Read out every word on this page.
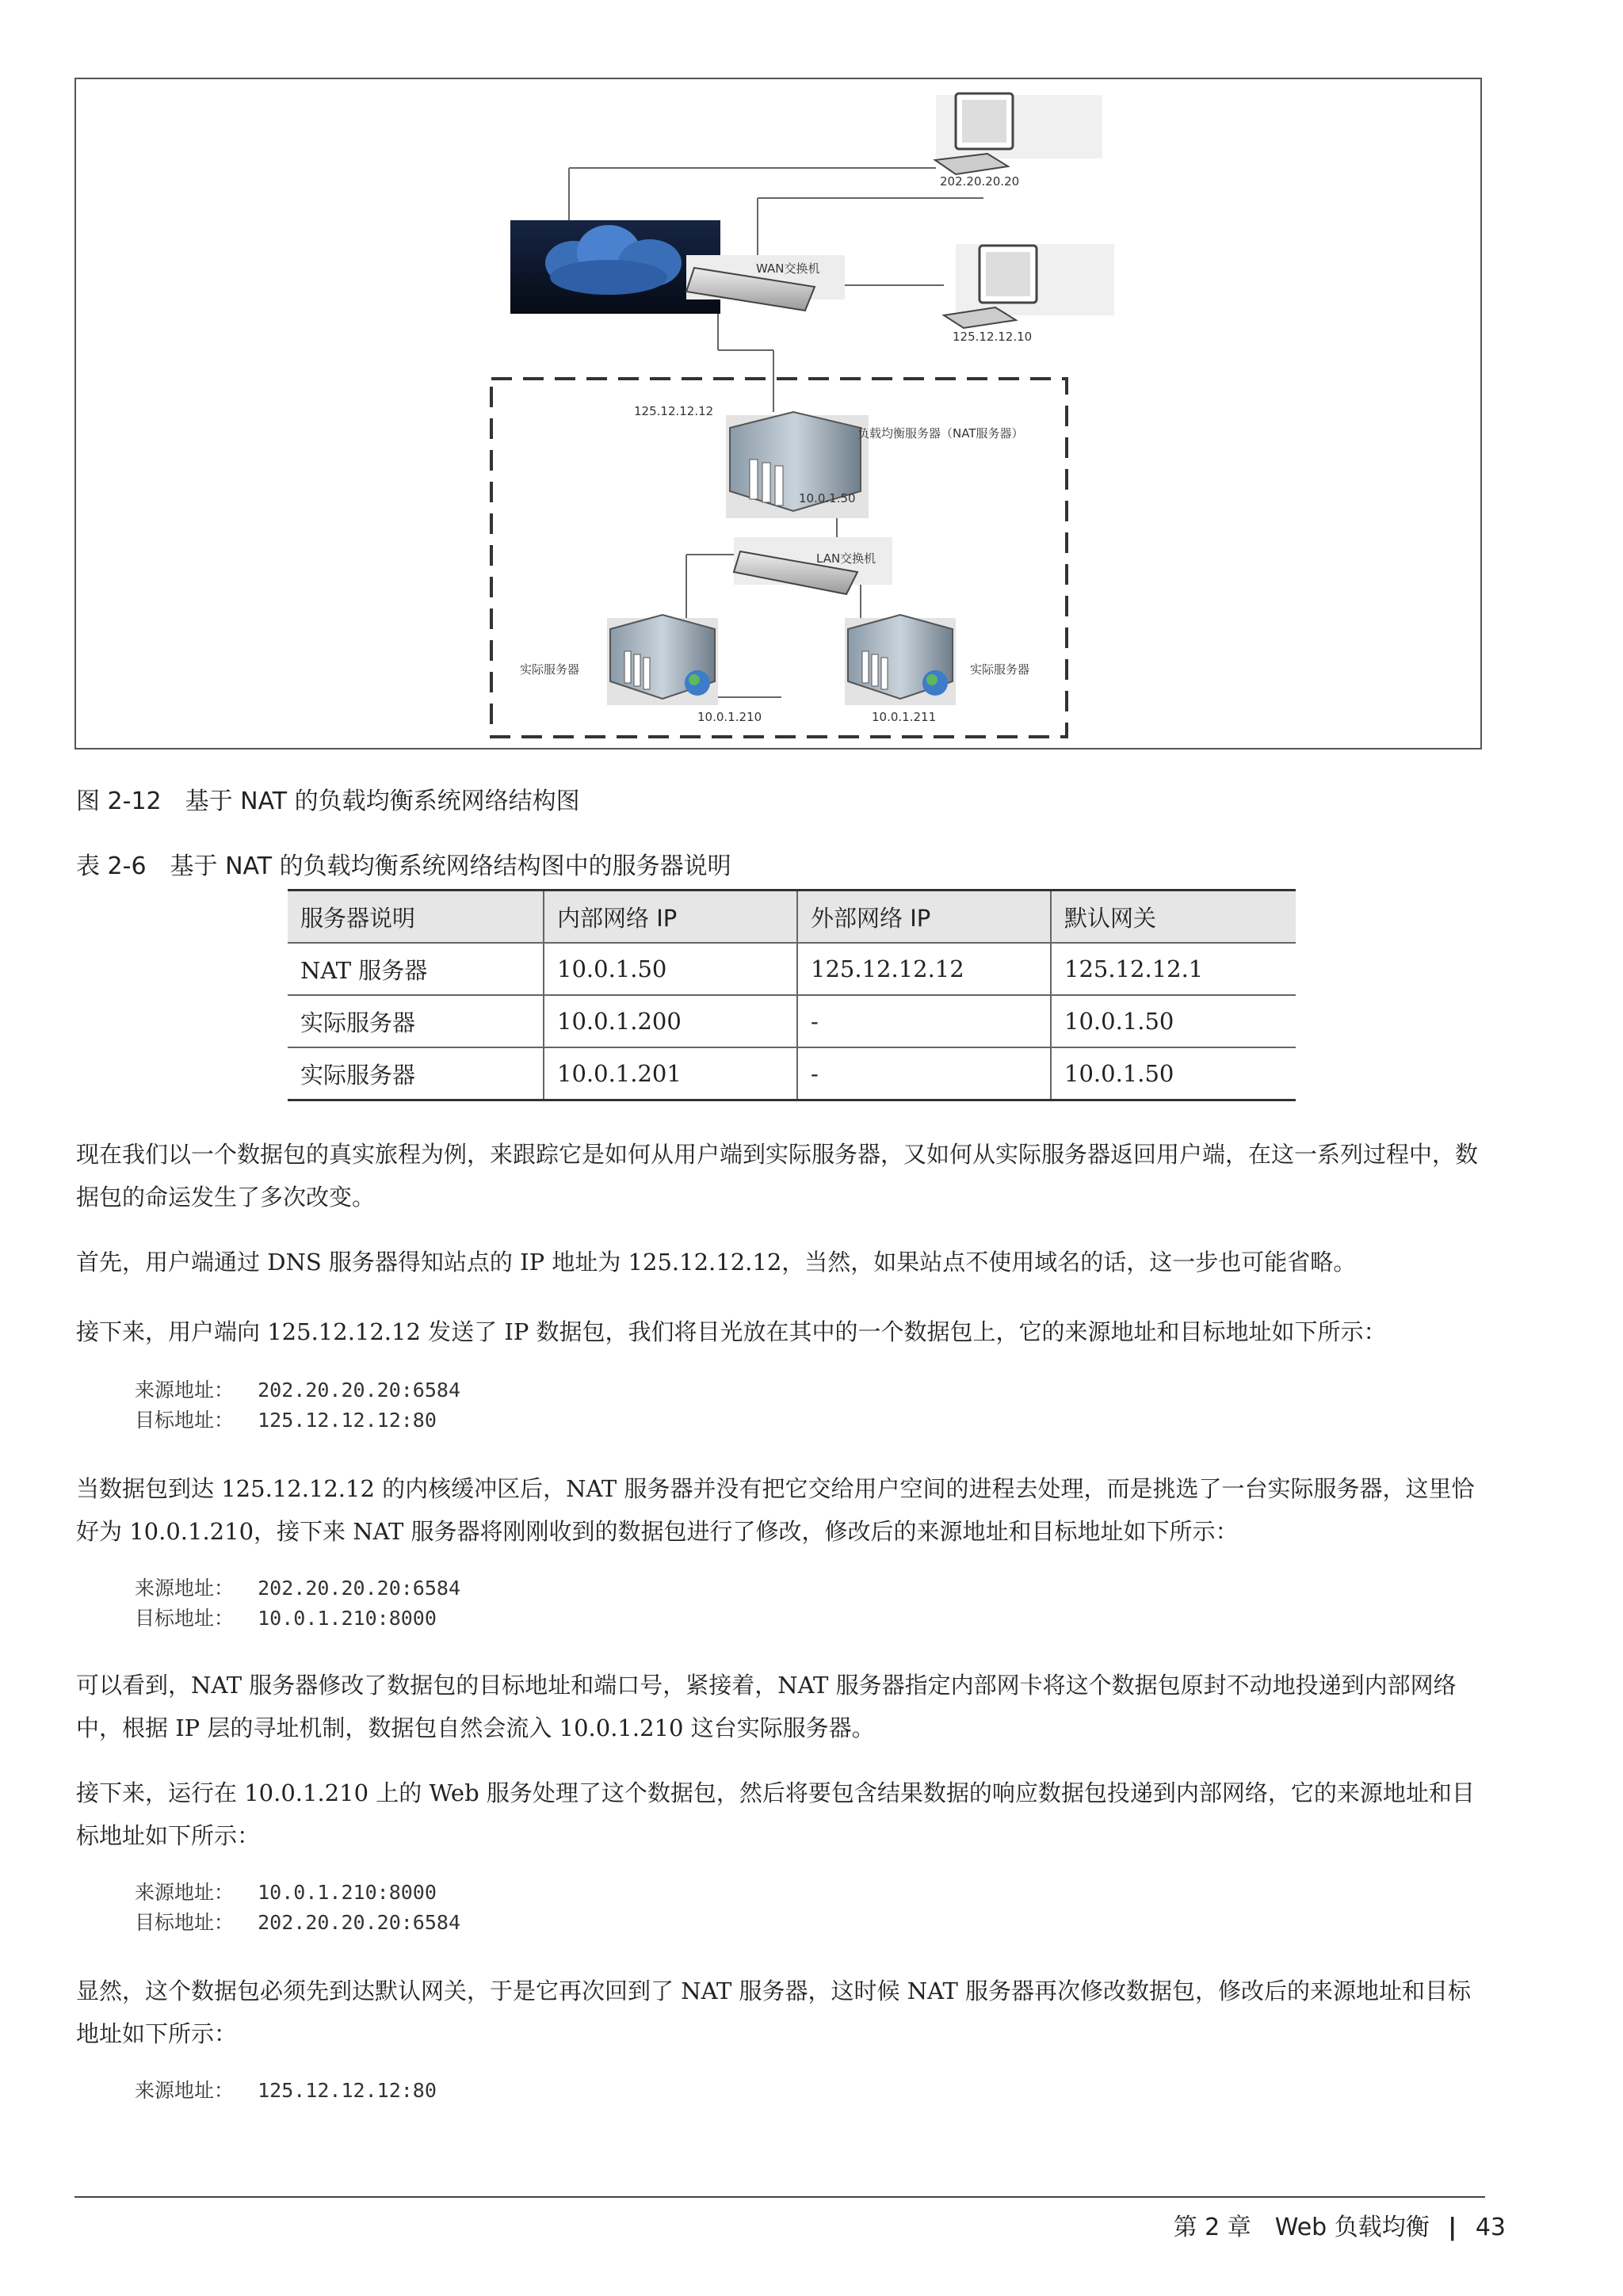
202.20.20.20
WAN交换机
125.12.12.10
125.12.12.12
负载均衡服务器（NAT服务器）
10.0.1.50
LAN交换机
实际服务器
10.0.1.210
实际服务器
10.0.1.211
图 2-12　基于 NAT 的负载均衡系统网络结构图
表 2-6　基于 NAT 的负载均衡系统网络结构图中的服务器说明
服务器说明	内部网络 IP	外部网络 IP	默认网关
NAT 服务器	10.0.1.50	125.12.12.12	125.12.12.1
实际服务器	10.0.1.200	-	10.0.1.50
实际服务器	10.0.1.201	-	10.0.1.50
现在我们以一个数据包的真实旅程为例，来跟踪它是如何从用户端到实际服务器，又如何从实际服务器返回用户端，在这一系列过程中，数据包的命运发生了多次改变。
首先，用户端通过 DNS 服务器得知站点的 IP 地址为 125.12.12.12，当然，如果站点不使用域名的话，这一步也可能省略。
接下来，用户端向 125.12.12.12 发送了 IP 数据包，我们将目光放在其中的一个数据包上，它的来源地址和目标地址如下所示：
来源地址： 202.20.20.20:6584
目标地址： 125.12.12.12:80
当数据包到达 125.12.12.12 的内核缓冲区后，NAT 服务器并没有把它交给用户空间的进程去处理，而是挑选了一台实际服务器，这里恰好为 10.0.1.210，接下来 NAT 服务器将刚刚收到的数据包进行了修改，修改后的来源地址和目标地址如下所示：
来源地址： 202.20.20.20:6584
目标地址： 10.0.1.210:8000
可以看到，NAT 服务器修改了数据包的目标地址和端口号，紧接着，NAT 服务器指定内部网卡将这个数据包原封不动地投递到内部网络中，根据 IP 层的寻址机制，数据包自然会流入 10.0.1.210 这台实际服务器。
接下来，运行在 10.0.1.210 上的 Web 服务处理了这个数据包，然后将要包含结果数据的响应数据包投递到内部网络，它的来源地址和目标地址如下所示：
来源地址： 10.0.1.210:8000
目标地址： 202.20.20.20:6584
显然，这个数据包必须先到达默认网关，于是它再次回到了 NAT 服务器，这时候 NAT 服务器再次修改数据包，修改后的来源地址和目标地址如下所示：
来源地址： 125.12.12.12:80
第 2 章　Web 负载均衡 | 43
